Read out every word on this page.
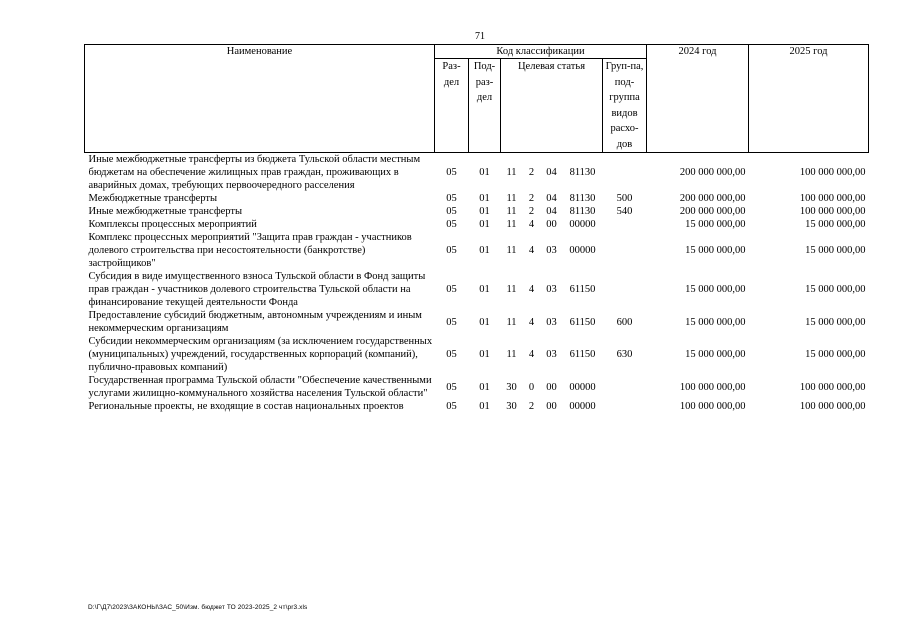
71
Наименование	Код классификации							2024 год	2025 год
	Раз-дел	Под-раз-дел	Целевая статья				Груп-па, под-группа видов расхо-дов		
Иные межбюджетные трансферты из бюджета Тульской области местным бюджетам на обеспечение жилищных прав граждан, проживающих в аварийных домах, требующих первоочередного расселения	05	01	11	2	04	81130		200 000 000,00	100 000 000,00
Межбюджетные трансферты	05	01	11	2	04	81130	500	200 000 000,00	100 000 000,00
Иные межбюджетные трансферты	05	01	11	2	04	81130	540	200 000 000,00	100 000 000,00
Комплексы процессных мероприятий	05	01	11	4	00	00000		15 000 000,00	15 000 000,00
Комплекс процессных мероприятий "Защита прав граждан - участников долевого строительства при несостоятельности (банкротстве) застройщиков"	05	01	11	4	03	00000		15 000 000,00	15 000 000,00
Субсидия в виде имущественного взноса Тульской области в Фонд защиты прав граждан - участников долевого строительства Тульской области на финансирование текущей деятельности Фонда	05	01	11	4	03	61150		15 000 000,00	15 000 000,00
Предоставление субсидий бюджетным, автономным учреждениям и иным некоммерческим организациям	05	01	11	4	03	61150	600	15 000 000,00	15 000 000,00
Субсидии некоммерческим организациям (за исключением государственных (муниципальных) учреждений, государственных корпораций (компаний), публично-правовых компаний)	05	01	11	4	03	61150	630	15 000 000,00	15 000 000,00
Государственная программа Тульской области "Обеспечение качественными услугами жилищно-коммунального хозяйства населения Тульской области"	05	01	30	0	00	00000		100 000 000,00	100 000 000,00
Региональные проекты, не входящие в состав национальных проектов	05	01	30	2	00	00000		100 000 000,00	100 000 000,00
D:\Г\Д7\2023\ЗАКОНЫ\ЗАС_50\Изм. бюджет ТО 2023-2025_2 чт\pr3.xls
